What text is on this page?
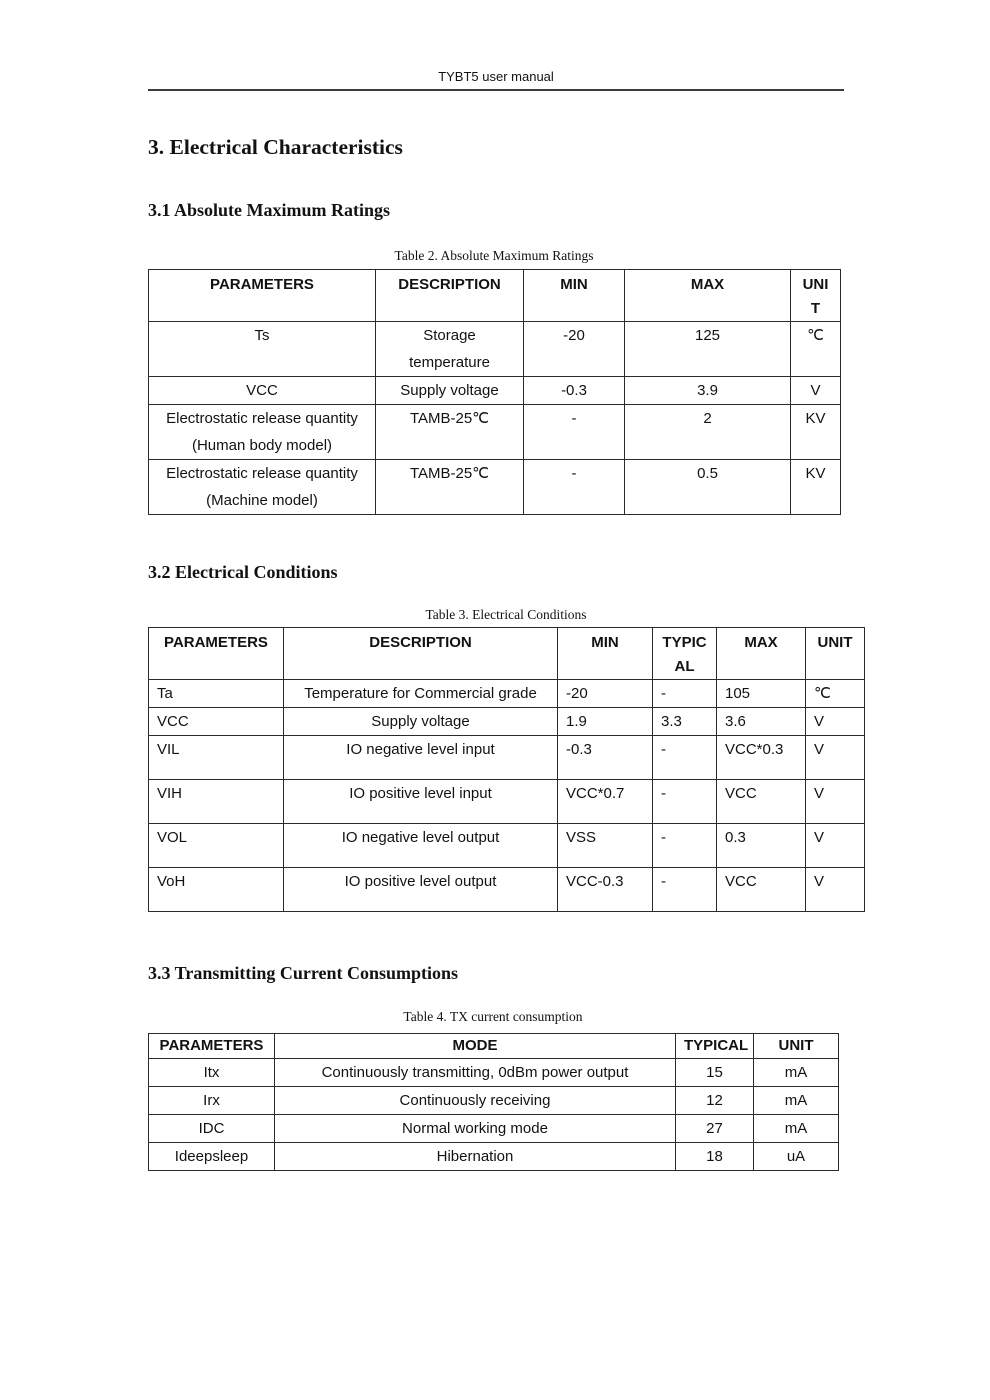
TYBT5 user manual
3. Electrical Characteristics
3.1 Absolute Maximum Ratings
Table 2. Absolute Maximum Ratings
PARAMETERS	DESCRIPTION	MIN	MAX	UNIT
Ts	Storage temperature	-20	125	℃
VCC	Supply voltage	-0.3	3.9	V
Electrostatic release quantity (Human body model)	TAMB-25℃	-	2	KV
Electrostatic release quantity (Machine model)	TAMB-25℃	-	0.5	KV
3.2 Electrical Conditions
Table 3. Electrical Conditions
PARAMETERS	DESCRIPTION	MIN	TYPICAL	MAX	UNIT
Ta	Temperature for Commercial grade	-20	-	105	℃
VCC	Supply voltage	1.9	3.3	3.6	V
VIL	IO negative level input	-0.3	-	VCC*0.3	V
VIH	IO positive level input	VCC*0.7	-	VCC	V
VOL	IO negative level output	VSS	-	0.3	V
VoH	IO positive level output	VCC-0.3	-	VCC	V
3.3 Transmitting Current Consumptions
Table 4. TX current consumption
PARAMETERS	MODE	TYPICAL	UNIT
Itx	Continuously transmitting, 0dBm power output	15	mA
Irx	Continuously receiving	12	mA
IDC	Normal working mode	27	mA
Ideepsleep	Hibernation	18	uA
